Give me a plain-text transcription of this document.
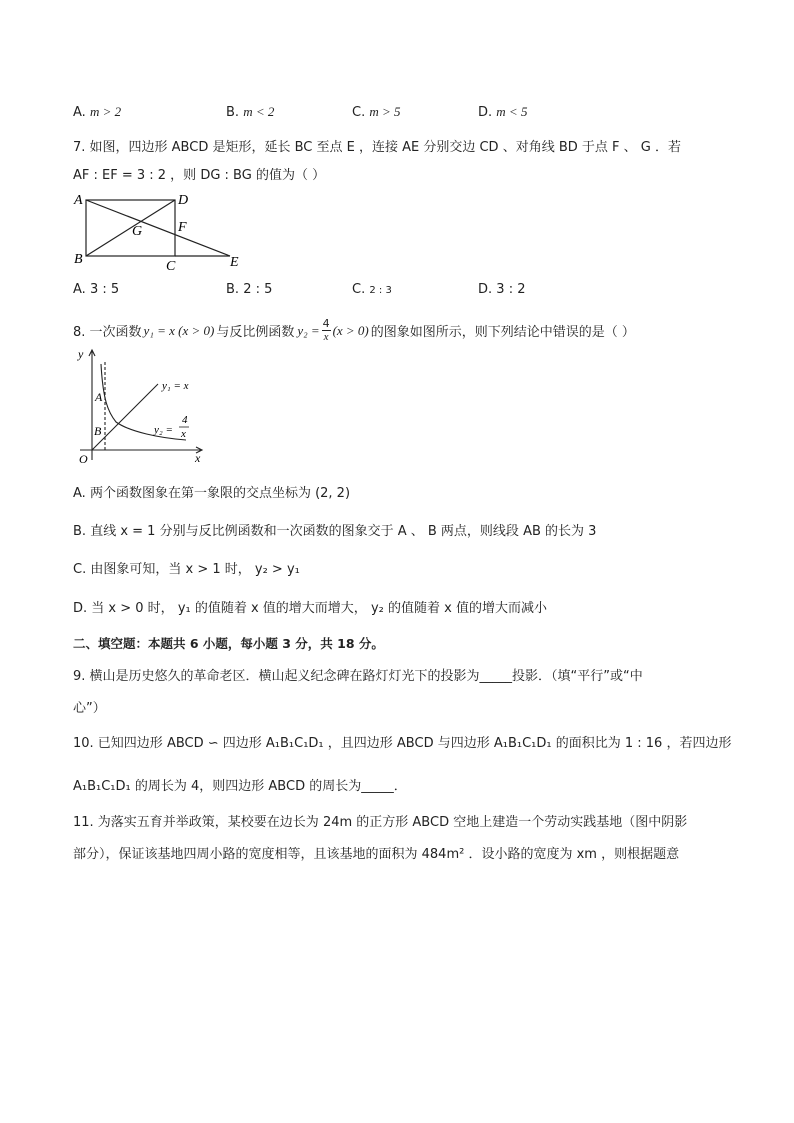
A. m > 2	B. m < 2	C. m > 5	D. m < 5
7. 如图，四边形 ABCD 是矩形，延长 BC 至点 E ，连接 AE 分别交边 CD 、对角线 BD 于点 F 、 G ．若
AF : EF = 3 : 2 ，则 DG : BG 的值为（ ）
A	D
B	C	E
F
G
A. 3 : 5	B. 2 : 5	C. 2 : 3	D. 3 : 2
8. 一次函数 y₁ = x (x > 0) 与反比例函数 $y_2 = \frac{4}{x} (x > 0)$ 的图象如图所示，则下列结论中错误的是（ ）
y
x
O
A
B
y₁ = x
y₂ =
4
x
A. 两个函数图象在第一象限的交点坐标为 (2, 2)
B. 直线 x = 1 分别与反比例函数和一次函数的图象交于 A 、 B 两点，则线段 AB 的长为 3
C. 由图象可知，当 x > 1 时， y₂ > y₁
D. 当 x > 0 时， y₁ 的值随着 x 值的增大而增大， y₂ 的值随着 x 值的增大而减小
二、填空题：本题共 6 小题，每小题 3 分，共 18 分。
9. 横山是历史悠久的革命老区．横山起义纪念碑在路灯灯光下的投影为_____投影．（填“平行”或“中
心”）
10. 已知四边形 ABCD ∽ 四边形 A₁B₁C₁D₁ ，且四边形 ABCD 与四边形 A₁B₁C₁D₁ 的面积比为 1 : 16 ，若四边形
A₁B₁C₁D₁ 的周长为 4，则四边形 ABCD 的周长为_____．
11. 为落实五育并举政策，某校要在边长为 24m 的正方形 ABCD 空地上建造一个劳动实践基地（图中阴影
部分），保证该基地四周小路的宽度相等，且该基地的面积为 484m² ．设小路的宽度为 xm ，则根据题意
